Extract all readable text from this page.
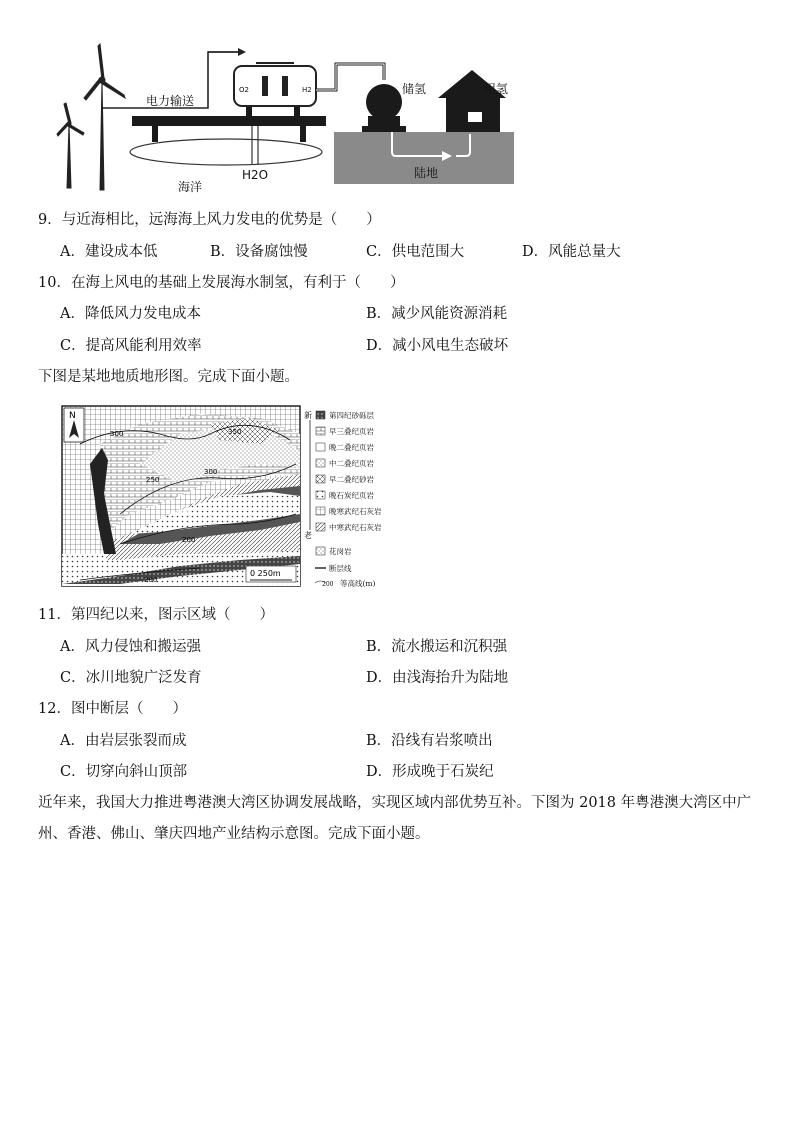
O2	H2
电力输送
海洋
H2O
储氢	用氢
陆地
9．与近海相比，远海海上风力发电的优势是（　　）
A．建设成本低	B．设备腐蚀慢	C．供电范围大	D．风能总量大
10．在海上风电的基础上发展海水制氢，有利于（　　）
A．降低风力发电成本	B．减少风能资源消耗
C．提高风能利用效率	D．减小风电生态破坏
下图是某地地质地形图。完成下面小题。
N
300	350
250
300
250
200
200
0 250m
新
老
第四纪砂砾层
早三叠纪页岩
晚二叠纪页岩
中二叠纪页岩
早二叠纪砂岩
晚石炭纪页岩
晚寒武纪石灰岩
中寒武纪石灰岩
花岗岩
断层线
200 等高线(m)
11．第四纪以来，图示区域（　　）
A．风力侵蚀和搬运强	B．流水搬运和沉积强
C．冰川地貌广泛发育	D．由浅海抬升为陆地
12．图中断层（　　）
A．由岩层张裂而成	B．沿线有岩浆喷出
C．切穿向斜山顶部	D．形成晚于石炭纪
近年来，我国大力推进粤港澳大湾区协调发展战略，实现区域内部优势互补。下图为 2018 年粤港澳大湾区中广州、香港、佛山、肇庆四地产业结构示意图。完成下面小题。
